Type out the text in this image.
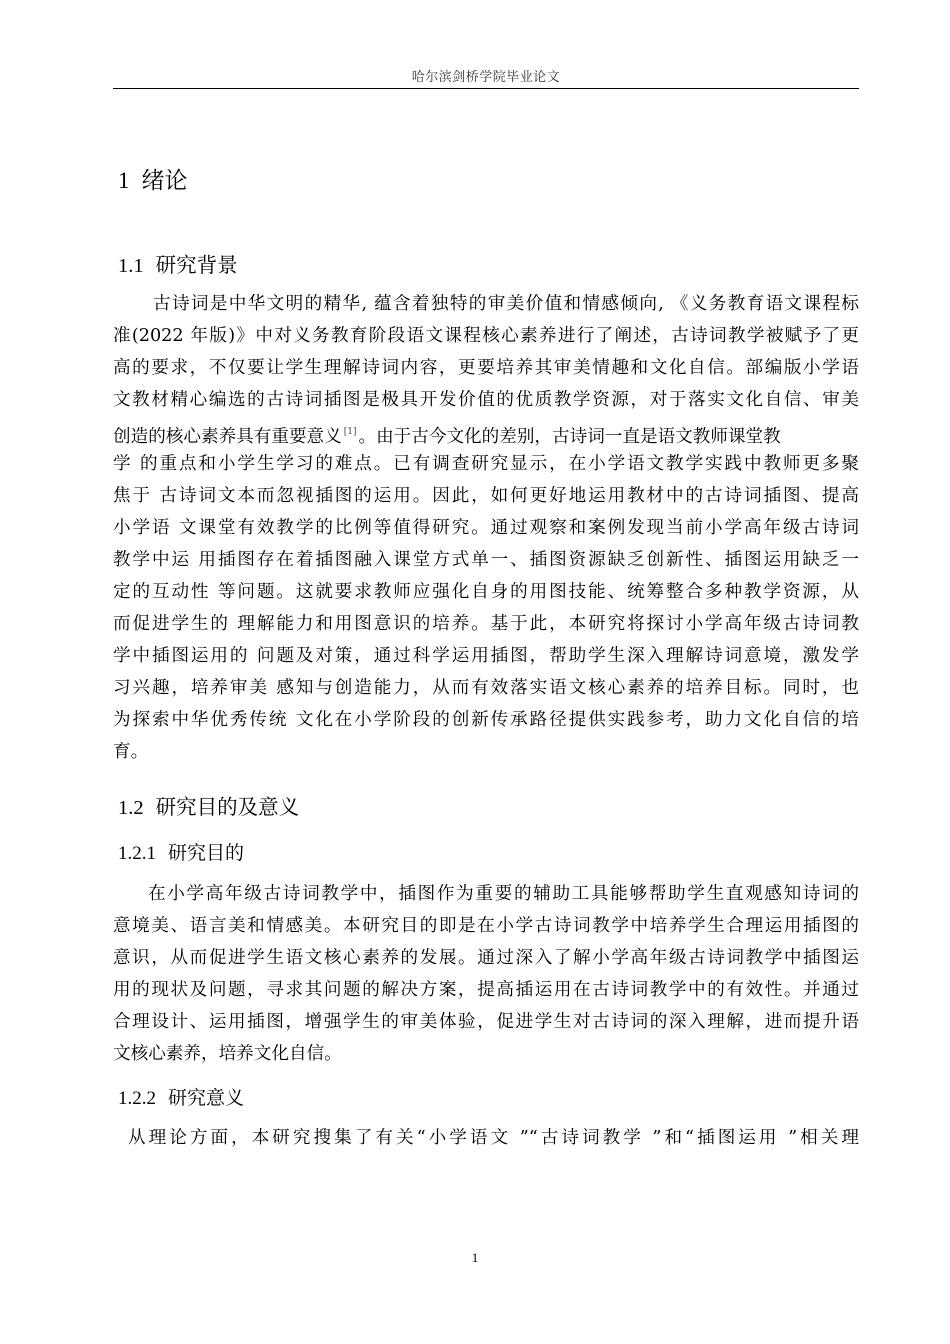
哈尔滨剑桥学院毕业论文
1 绪论
1.1 研究背景
古诗词是中华文明的精华, 蕴含着独特的审美价值和情感倾向, 《义务教育语文课程标
准(2022 年版)》中对义务教育阶段语文课程核心素养进行了阐述，古诗词教学被赋予了更
高的要求，不仅要让学生理解诗词内容，更要培养其审美情趣和文化自信。部编版小学语
文教材精心编选的古诗词插图是极具开发价值的优质教学资源，对于落实文化自信、审美
创造的核心素养具有重要意义 [1] 。由于古今文化的差别，古诗词一直是语文教师课堂教
学 的重点和小学生学习的难点。已有调查研究显示，在小学语文教学实践中教师更多聚
焦于 古诗词文本而忽视插图的运用。因此，如何更好地运用教材中的古诗词插图、提高
小学语 文课堂有效教学的比例等值得研究。通过观察和案例发现当前小学高年级古诗词
教学中运 用插图存在着插图融入课堂方式单一、插图资源缺乏创新性、插图运用缺乏一
定的互动性 等问题。这就要求教师应强化自身的用图技能、统筹整合多种教学资源，从
而促进学生的 理解能力和用图意识的培养。基于此，本研究将探讨小学高年级古诗词教
学中插图运用的 问题及对策，通过科学运用插图，帮助学生深入理解诗词意境，激发学
习兴趣，培养审美 感知与创造能力，从而有效落实语文核心素养的培养目标。同时，也
为探索中华优秀传统 文化在小学阶段的创新传承路径提供实践参考，助力文化自信的培
育。
1.2 研究目的及意义
1.2.1 研究目的
在小学高年级古诗词教学中，插图作为重要的辅助工具能够帮助学生直观感知诗词的
意境美、语言美和情感美。本研究目的即是在小学古诗词教学中培养学生合理运用插图的
意识，从而促进学生语文核心素养的发展。通过深入了解小学高年级古诗词教学中插图运
用的现状及问题，寻求其问题的解决方案，提高插运用在古诗词教学中的有效性。并通过
合理设计、运用插图，增强学生的审美体验，促进学生对古诗词的深入理解，进而提升语
文核心素养，培养文化自信。
1.2.2 研究意义
从理论方面，本研究搜集了有关“小学语文 ”“古诗词教学 ”和“插图运用 ”相关理
1
